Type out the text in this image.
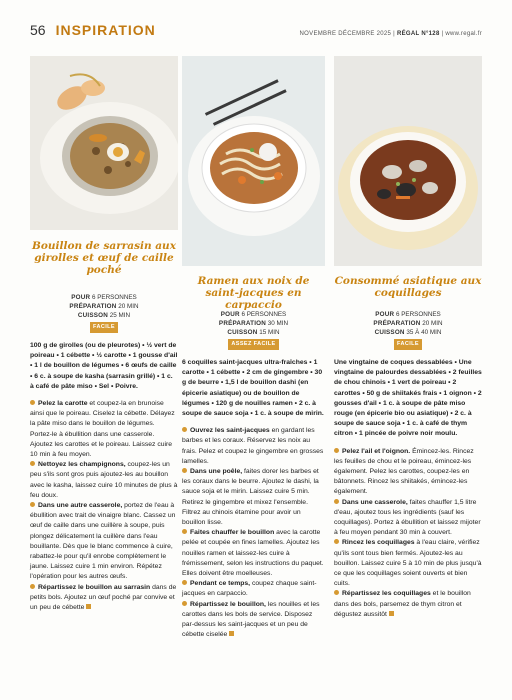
56 INSPIRATION	NOVEMBRE DÉCEMBRE 2025 | RÉGAL N°128 | www.regal.fr
Bouillon de sarrasin aux girolles et œuf de caille poché
POUR 6 PERSONNES
PRÉPARATION 20 MIN
CUISSON 25 MIN
FACILE
100 g de girolles (ou de pleurotes) • ½ vert de poireau • 1 cébette • ½ carotte • 1 gousse d'ail • 1 l de bouillon de légumes • 6 œufs de caille • 6 c. à soupe de kasha (sarrasin grillé) • 1 c. à café de pâte miso • Sel • Poivre.
Pelez la carotte et coupez-la en brunoise ainsi que le poireau. Ciselez la cébette. Délayez la pâte miso dans le bouillon de légumes. Portez-le à ébullition dans une casserole. Ajoutez les carottes et le poireau. Laissez cuire 10 min à feu moyen.
Nettoyez les champignons, coupez-les un peu s'ils sont gros puis ajoutez-les au bouillon avec le kasha, laissez cuire 10 minutes de plus à feu doux.
Dans une autre casserole, portez de l'eau à ébullition avec trait de vinaigre blanc. Cassez un œuf de caille dans une cuillère à soupe, puis plongez délicatement la cuillère dans l'eau bouillante. Dès que le blanc commence à cuire, rabattez-le pour qu'il enrobe complètement le jaune. Laissez cuire 1 min environ. Répétez l'opération pour les autres œufs.
Répartissez le bouillon au sarrasin dans de petits bols. Ajoutez un œuf poché par convive et un peu de cébette
Ramen aux noix de saint-jacques en carpaccio
POUR 6 PERSONNES
PRÉPARATION 30 MIN
CUISSON 15 MIN
ASSEZ FACILE
6 coquilles saint-jacques ultra-fraîches • 1 carotte • 1 cébette • 2 cm de gingembre • 30 g de beurre • 1,5 l de bouillon dashi (en épicerie asiatique) ou de bouillon de légumes • 120 g de nouilles ramen • 2 c. à soupe de sauce soja • 1 c. à soupe de mirin.
Ouvrez les saint-jacques en gardant les barbes et les coraux. Réservez les noix au frais. Pelez et coupez le gingembre en grosses lamelles.
Dans une poêle, faites dorer les barbes et les coraux dans le beurre. Ajoutez le dashi, la sauce soja et le mirin. Laissez cuire 5 min. Retirez le gingembre et mixez l'ensemble. Filtrez au chinois étamine pour avoir un bouillon lisse.
Faites chauffer le bouillon avec la carotte pelée et coupée en fines lamelles. Ajoutez les nouilles ramen et laissez-les cuire à frémissement, selon les instructions du paquet. Elles doivent être moelleuses.
Pendant ce temps, coupez chaque saint-jacques en carpaccio.
Répartissez le bouillon, les nouilles et les carottes dans les bols de service. Disposez par-dessus les saint-jacques et un peu de cébette ciselée
Consommé asiatique aux coquillages
POUR 6 PERSONNES
PRÉPARATION 20 MIN
CUISSON 35 À 40 MIN
FACILE
Une vingtaine de coques dessablées • Une vingtaine de palourdes dessablées • 2 feuilles de chou chinois • 1 vert de poireau • 2 carottes • 50 g de shiitakés frais • 1 oignon • 2 gousses d'ail • 1 c. à soupe de pâte miso rouge (en épicerie bio ou asiatique) • 2 c. à soupe de sauce soja • 1 c. à café de thym citron • 1 pincée de poivre noir moulu.
Pelez l'ail et l'oignon. Émincez-les. Rincez les feuilles de chou et le poireau, émincez-les également. Pelez les carottes, coupez-les en bâtonnets. Rincez les shiitakés, émincez-les également.
Dans une casserole, faites chauffer 1,5 litre d'eau, ajoutez tous les ingrédients (sauf les coquillages). Portez à ébullition et laissez mijoter à feu moyen pendant 30 min à couvert.
Rincez les coquillages à l'eau claire, vérifiez qu'ils sont tous bien fermés. Ajoutez-les au bouillon. Laissez cuire 5 à 10 min de plus jusqu'à ce que les coquillages soient ouverts et bien cuits.
Répartissez les coquillages et le bouillon dans des bols, parsemez de thym citron et dégustez aussitôt
